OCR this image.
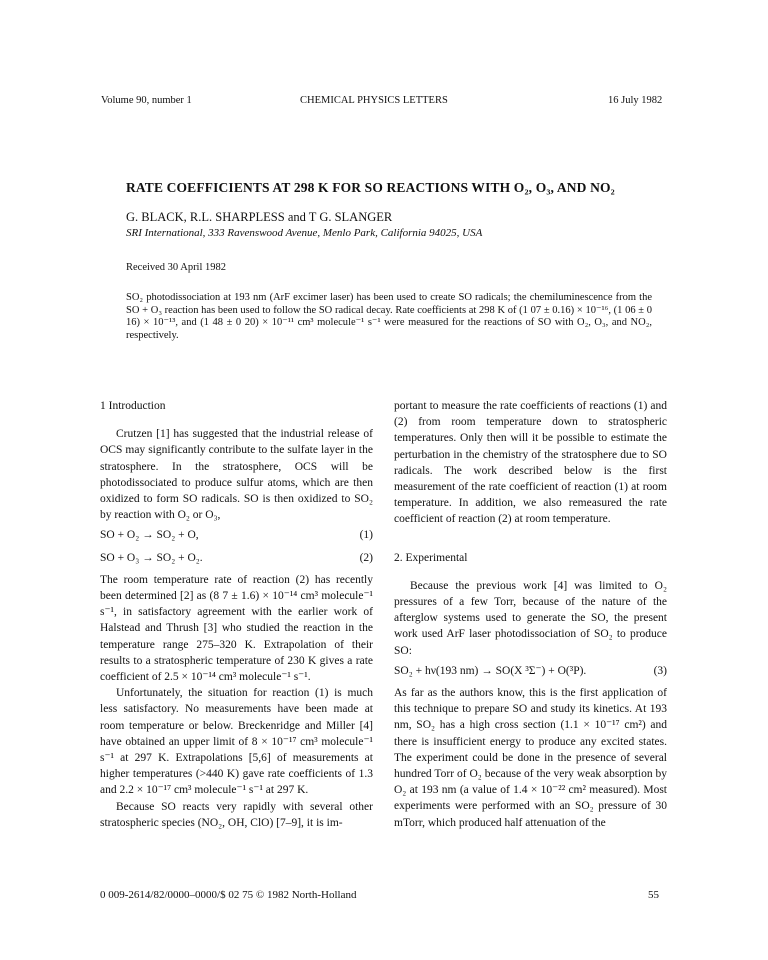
Volume 90, number 1	CHEMICAL PHYSICS LETTERS	16 July 1982
RATE COEFFICIENTS AT 298 K FOR SO REACTIONS WITH O₂, O₃, AND NO₂
G. BLACK, R.L. SHARPLESS and T G. SLANGER
SRI International, 333 Ravenswood Avenue, Menlo Park, California 94025, USA
Received 30 April 1982
SO₂ photodissociation at 193 nm (ArF excimer laser) has been used to create SO radicals; the chemiluminescence from the SO + O₃ reaction has been used to follow the SO radical decay. Rate coefficients at 298 K of (1 07 ± 0.16) × 10⁻¹⁶, (1 06 ± 0 16) × 10⁻¹³, and (1 48 ± 0 20) × 10⁻¹¹ cm³ molecule⁻¹ s⁻¹ were measured for the reactions of SO with O₂, O₃, and NO₂, respectively.
1 Introduction

Crutzen [1] has suggested that the industrial release of OCS may significantly contribute to the sulfate layer in the stratosphere. In the stratosphere, OCS will be photodissociated to produce sulfur atoms, which are then oxidized to form SO radicals. SO is then oxidized to SO₂ by reaction with O₂ or O₃,

SO + O₂ → SO₂ + O,	(1)
SO + O₃ → SO₂ + O₂.	(2)

The room temperature rate of reaction (2) has recently been determined [2] as (8 7 ± 1.6) × 10⁻¹⁴ cm³ molecule⁻¹ s⁻¹, in satisfactory agreement with the earlier work of Halstead and Thrush [3] who studied the reaction in the temperature range 275–320 K. Extrapolation of their results to a stratospheric temperature of 230 K gives a rate coefficient of 2.5 × 10⁻¹⁴ cm³ molecule⁻¹ s⁻¹.

Unfortunately, the situation for reaction (1) is much less satisfactory. No measurements have been made at room temperature or below. Breckenridge and Miller [4] have obtained an upper limit of 8 × 10⁻¹⁷ cm³ molecule⁻¹ s⁻¹ at 297 K. Extrapolations [5,6] of measurements at higher temperatures (>440 K) gave rate coefficients of 1.3 and 2.2 × 10⁻¹⁷ cm³ molecule⁻¹ s⁻¹ at 297 K.

Because SO reacts very rapidly with several other stratospheric species (NO₂, OH, ClO) [7–9], it is im-

portant to measure the rate coefficients of reactions (1) and (2) from room temperature down to stratospheric temperatures. Only then will it be possible to estimate the perturbation in the chemistry of the stratosphere due to SO radicals. The work described below is the first measurement of the rate coefficient of reaction (1) at room temperature. In addition, we also remeasured the rate coefficient of reaction (2) at room temperature.

2. Experimental

Because the previous work [4] was limited to O₂ pressures of a few Torr, because of the nature of the afterglow systems used to generate the SO, the present work used ArF laser photodissociation of SO₂ to produce SO:

SO₂ + hν(193 nm) → SO(X ³Σ⁻) + O(³P).	(3)

As far as the authors know, this is the first application of this technique to prepare SO and study its kinetics. At 193 nm, SO₂ has a high cross section (1.1 × 10⁻¹⁷ cm²) and there is insufficient energy to produce any excited states. The experiment could be done in the presence of several hundred Torr of O₂ because of the very weak absorption by O₂ at 193 nm (a value of 1.4 × 10⁻²² cm² measured). Most experiments were performed with an SO₂ pressure of 30 mTorr, which produced half attenuation of the

0 009-2614/82/0000–0000/$ 02 75 © 1982 North-Holland	55
